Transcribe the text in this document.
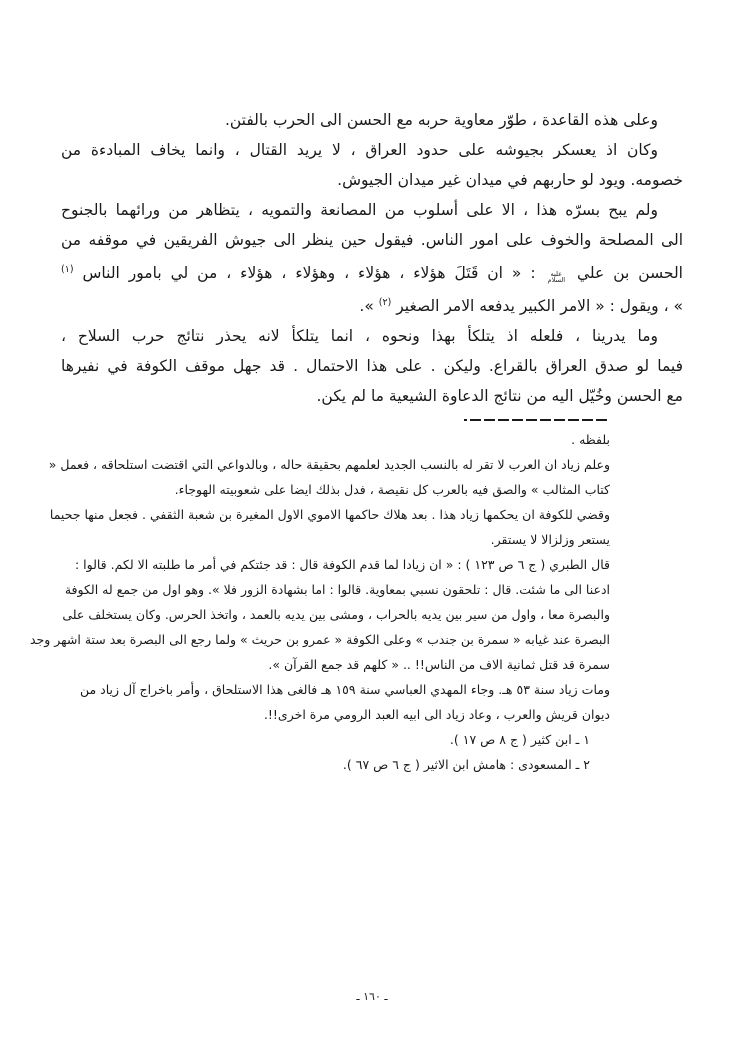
وعلى هذه القاعدة ، طوّر معاوية حربه مع الحسن الى الحرب بالفتن.
وكان اذ يعسكر بجيوشه على حدود العراق ، لا يريد القتال ، وانما يخاف المبادءة من
خصومه. ويود لو حاربهم في ميدان غير ميدان الجيوش.
ولم يبح بسرّه هذا ، الا على أسلوب من المصانعة والتمويه ، يتظاهر من ورائهما بالجنوح
الى المصلحة والخوف على امور الناس. فيقول حين ينظر الى جيوش الفريقين في موقفه من
الحسن بن علي
عليه
السلام
: « ان قَتَلَ هؤلاء ، هؤلاء ، وهؤلاء ، هؤلاء ، من لي بامور الناس $^{(١)}$
» ، ويقول : « الامر الكبير يدفعه الامر الصغير $^{(٢)}$ ».
وما يدرينا ، فلعله اذ يتلكأ بهذا ونحوه ، انما يتلكأ لانه يحذر نتائج حرب السلاح ،
فيما لو صدق العراق بالقراع. وليكن . على هذا الاحتمال . قد جهل موقف الكوفة في نفيرها
مع الحسن وخُيّل اليه من نتائج الدعاوة الشيعية ما لم يكن.
بلفظه .
وعلم زياد ان العرب لا تقر له بالنسب الجديد لعلمهم بحقيقة حاله ، وبالدواعي التي اقتضت استلحاقه ، فعمل «
كتاب المثالب » والصق فيه بالعرب كل نقيصة ، فدل بذلك ايضا على شعوبيته الهوجاء.
وقضي للكوفة ان يحكمها زياد هذا . بعد هلاك حاكمها الاموي الاول المغيرة بن شعبة الثقفي . فجعل منها جحيما
يستعر وزلزالا لا يستقر.
قال الطبري ( ج ٦ ص ١٢٣ ) : « ان زيادا لما قدم الكوفة قال : قد جئتكم في أمر ما طلبته الا لكم. قالوا :
ادعنا الى ما شئت. قال : تلحقون نسبي بمعاوية. قالوا : اما بشهادة الزور فلا ». وهو اول من جمع له الكوفة
والبصرة معا ، واول من سير بين يديه بالحراب ، ومشى بين يديه بالعمد ، واتخذ الحرس. وكان يستخلف على
البصرة عند غيابه « سمرة بن جندب » وعلى الكوفة « عمرو بن حريث » ولما رجع الى البصرة بعد ستة اشهر وجد
سمرة قد قتل ثمانية الاف من الناس!! .. « كلهم قد جمع القرآن ».
ومات زياد سنة ٥٣ هـ. وجاء المهدي العباسي سنة ١٥٩ هـ فالغى هذا الاستلحاق ، وأمر باخراج آل زياد من
ديوان قريش والعرب ، وعاد زياد الى ابيه العبد الرومي مرة اخرى!!.
١ ـ ابن كثير ( ج ٨ ص ١٧ ).
٢ ـ المسعودى : هامش ابن الاثير ( ج ٦ ص ٦٧ ).
ـ ١٦٠ ـ
